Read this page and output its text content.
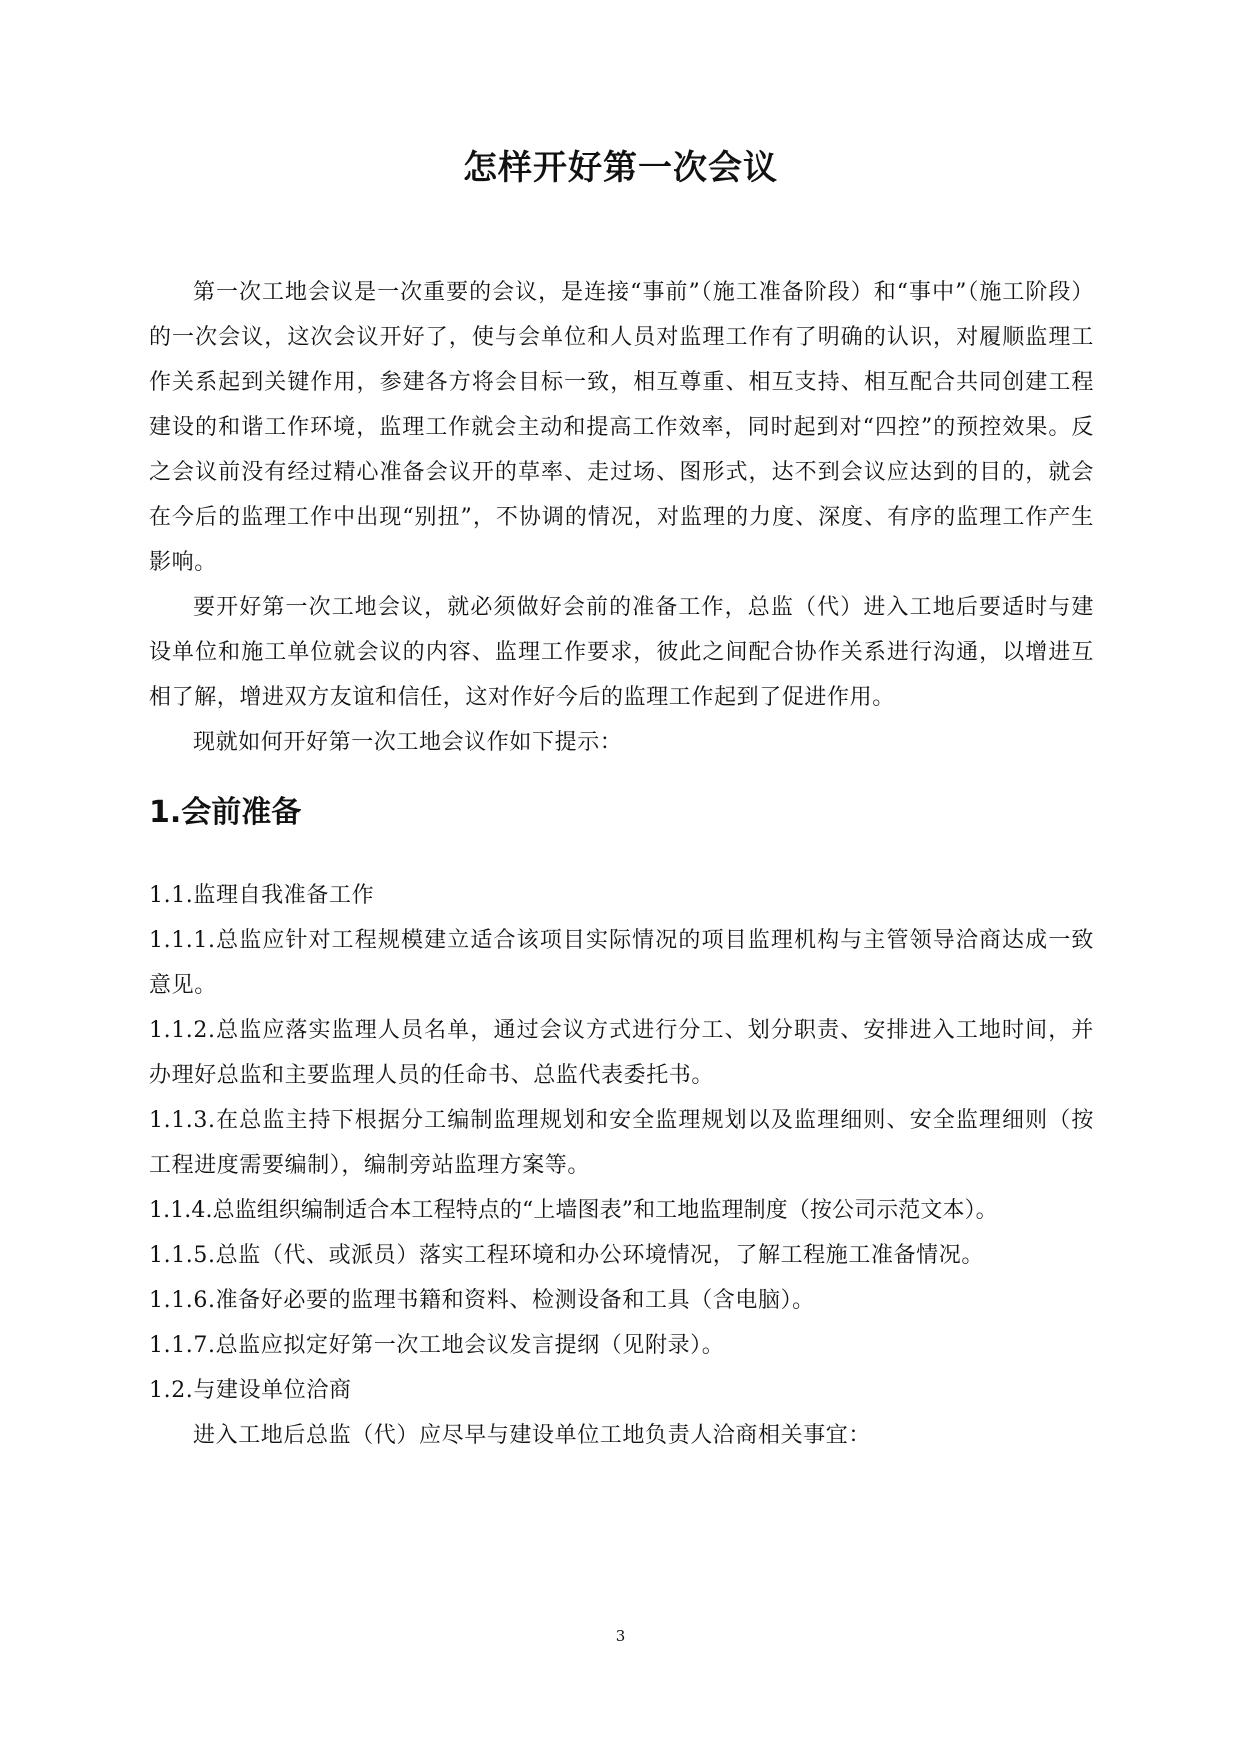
怎样开好第一次会议

第一次工地会议是一次重要的会议，是连接“事前”（施工准备阶段）和“事中”（施工阶段）的一次会议，这次会议开好了，使与会单位和人员对监理工作有了明确的认识，对履顺监理工作关系起到关键作用，参建各方将会目标一致，相互尊重、相互支持、相互配合共同创建工程建设的和谐工作环境，监理工作就会主动和提高工作效率，同时起到对“四控”的预控效果。反之会议前没有经过精心准备会议开的草率、走过场、图形式，达不到会议应达到的目的，就会在今后的监理工作中出现“别扭”，不协调的情况，对监理的力度、深度、有序的监理工作产生影响。

要开好第一次工地会议，就必须做好会前的准备工作，总监（代）进入工地后要适时与建设单位和施工单位就会议的内容、监理工作要求，彼此之间配合协作关系进行沟通，以增进互相了解，增进双方友谊和信任，这对作好今后的监理工作起到了促进作用。

现就如何开好第一次工地会议作如下提示：

1.会前准备

1.1.监理自我准备工作

1.1.1.总监应针对工程规模建立适合该项目实际情况的项目监理机构与主管领导洽商达成一致意见。

1.1.2.总监应落实监理人员名单，通过会议方式进行分工、划分职责、安排进入工地时间，并办理好总监和主要监理人员的任命书、总监代表委托书。

1.1.3.在总监主持下根据分工编制监理规划和安全监理规划以及监理细则、安全监理细则（按工程进度需要编制），编制旁站监理方案等。

1.1.4.总监组织编制适合本工程特点的“上墙图表”和工地监理制度（按公司示范文本）。

1.1.5.总监（代、或派员）落实工程环境和办公环境情况，了解工程施工准备情况。

1.1.6.准备好必要的监理书籍和资料、检测设备和工具（含电脑）。

1.1.7.总监应拟定好第一次工地会议发言提纲（见附录）。

1.2.与建设单位洽商

进入工地后总监（代）应尽早与建设单位工地负责人洽商相关事宜：

3
